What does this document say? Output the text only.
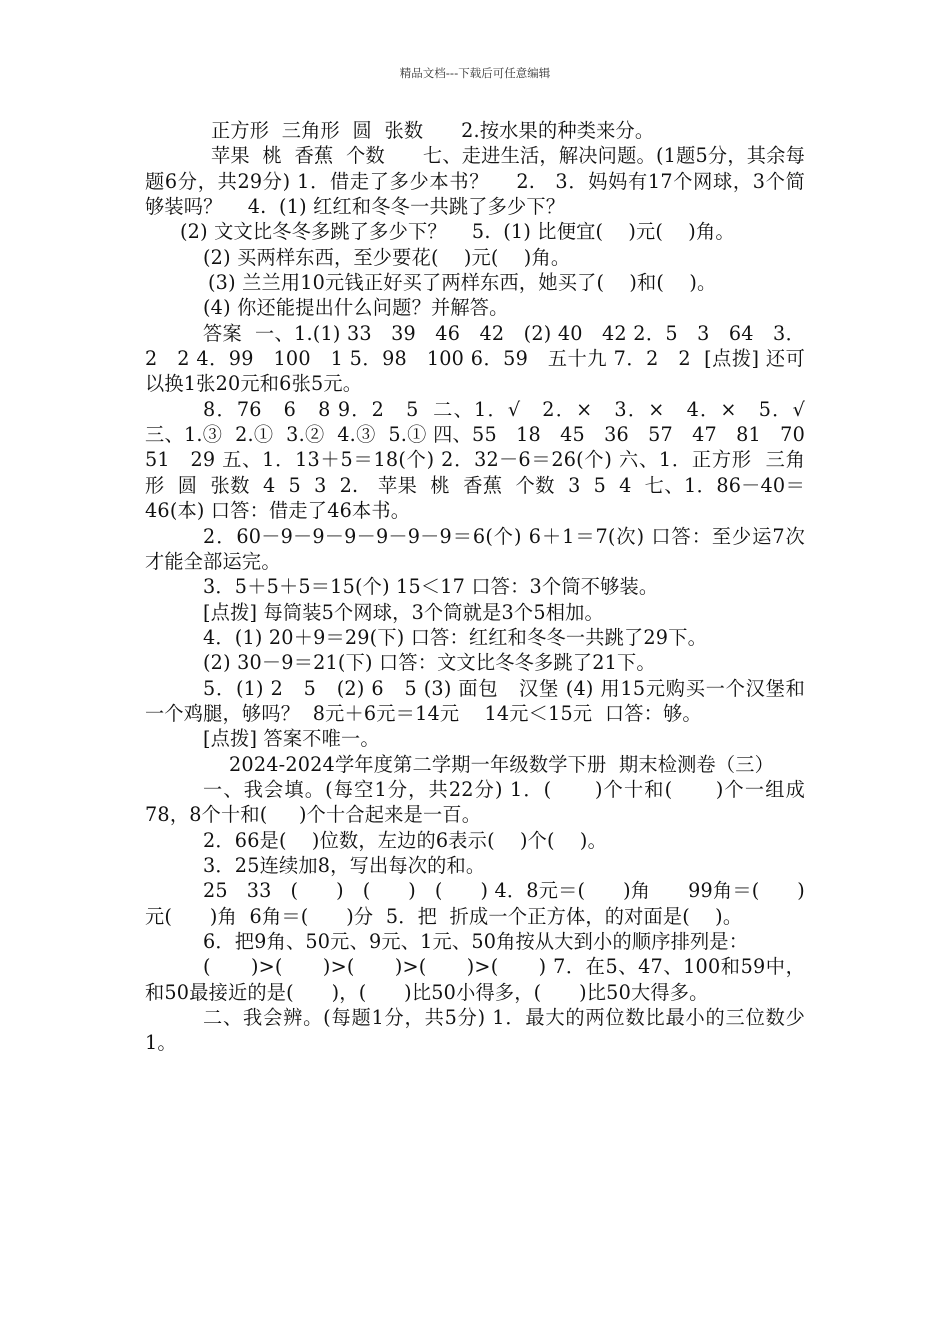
精品文档---下载后可任意编辑

正方形  三角形  圆  张数      2.按水果的种类来分。

苹果  桃  香蕉  个数      七、走进生活，解决问题。(1题5分，其余每题6分，共29分) 1．借走了多少本书？    2.   3．妈妈有17个网球，3个简够装吗？    4.  (1) 红红和冬冬一共跳了多少下？

(2) 文文比冬冬多跳了多少下？    5.  (1) 比便宜(    )元(    )角。

(2) 买两样东西，至少要花(    )元(    )角。

(3) 兰兰用10元钱正好买了两样东西，她买了(    )和(    )。

(4) 你还能提出什么问题？并解答。

答案  一、1.(1) 33   39   46   42   (2) 40   42 2．5   3   64   3．2   2 4．99   100   1 5．98   100 6．59   五十九 7．2   2  [点拨] 还可以换1张20元和6张5元。

8．76   6   8 9．2   5  二、1．√   2．×   3．×   4．×   5．√  三、1.③  2.①  3.②  4.③  5.① 四、55   18   45   36   57   47   81   70   51   29 五、1．13＋5＝18(个) 2．32－6＝26(个) 六、1．正方形  三角形  圆  张数  4  5  3  2.   苹果  桃  香蕉  个数  3  5  4  七、1．86－40＝46(本) 口答：借走了46本书。

2．60－9－9－9－9－9－9＝6(个) 6＋1＝7(次) 口答：至少运7次才能全部运完。

3．5＋5＋5＝15(个) 15＜17 口答：3个筒不够装。

[点拨] 每筒装5个网球，3个筒就是3个5相加。

4．(1) 20＋9＝29(下) 口答：红红和冬冬一共跳了29下。

(2) 30－9＝21(下) 口答：文文比冬冬多跳了21下。

5．(1) 2   5   (2) 6   5 (3) 面包   汉堡 (4) 用15元购买一个汉堡和一个鸡腿，够吗？  8元＋6元＝14元    14元＜15元  口答：够。

[点拨] 答案不唯一。

2024-2024学年度第二学期一年级数学下册  期末检测卷（三）

一、我会填。(每空1分，共22分) 1．(      )个十和(      )个一组成78，8个十和(     )个十合起来是一百。

2．66是(    )位数，左边的6表示(    )个(    )。

3．25连续加8，写出每次的和。

25   33   (      )   (      )   (      ) 4．8元＝(      )角      99角＝(      )元(      )角  6角＝(      )分  5．把  折成一个正方体，的对面是(    )。

6．把9角、50元、9元、1元、50角按从大到小的顺序排列是：

(      )>(      )>(      )>(      )>(      ) 7．在5、47、100和59中，和50最接近的是(      )，(      )比50小得多，(      )比50大得多。

二、我会辨。(每题1分，共5分) 1．最大的两位数比最小的三位数少1。
